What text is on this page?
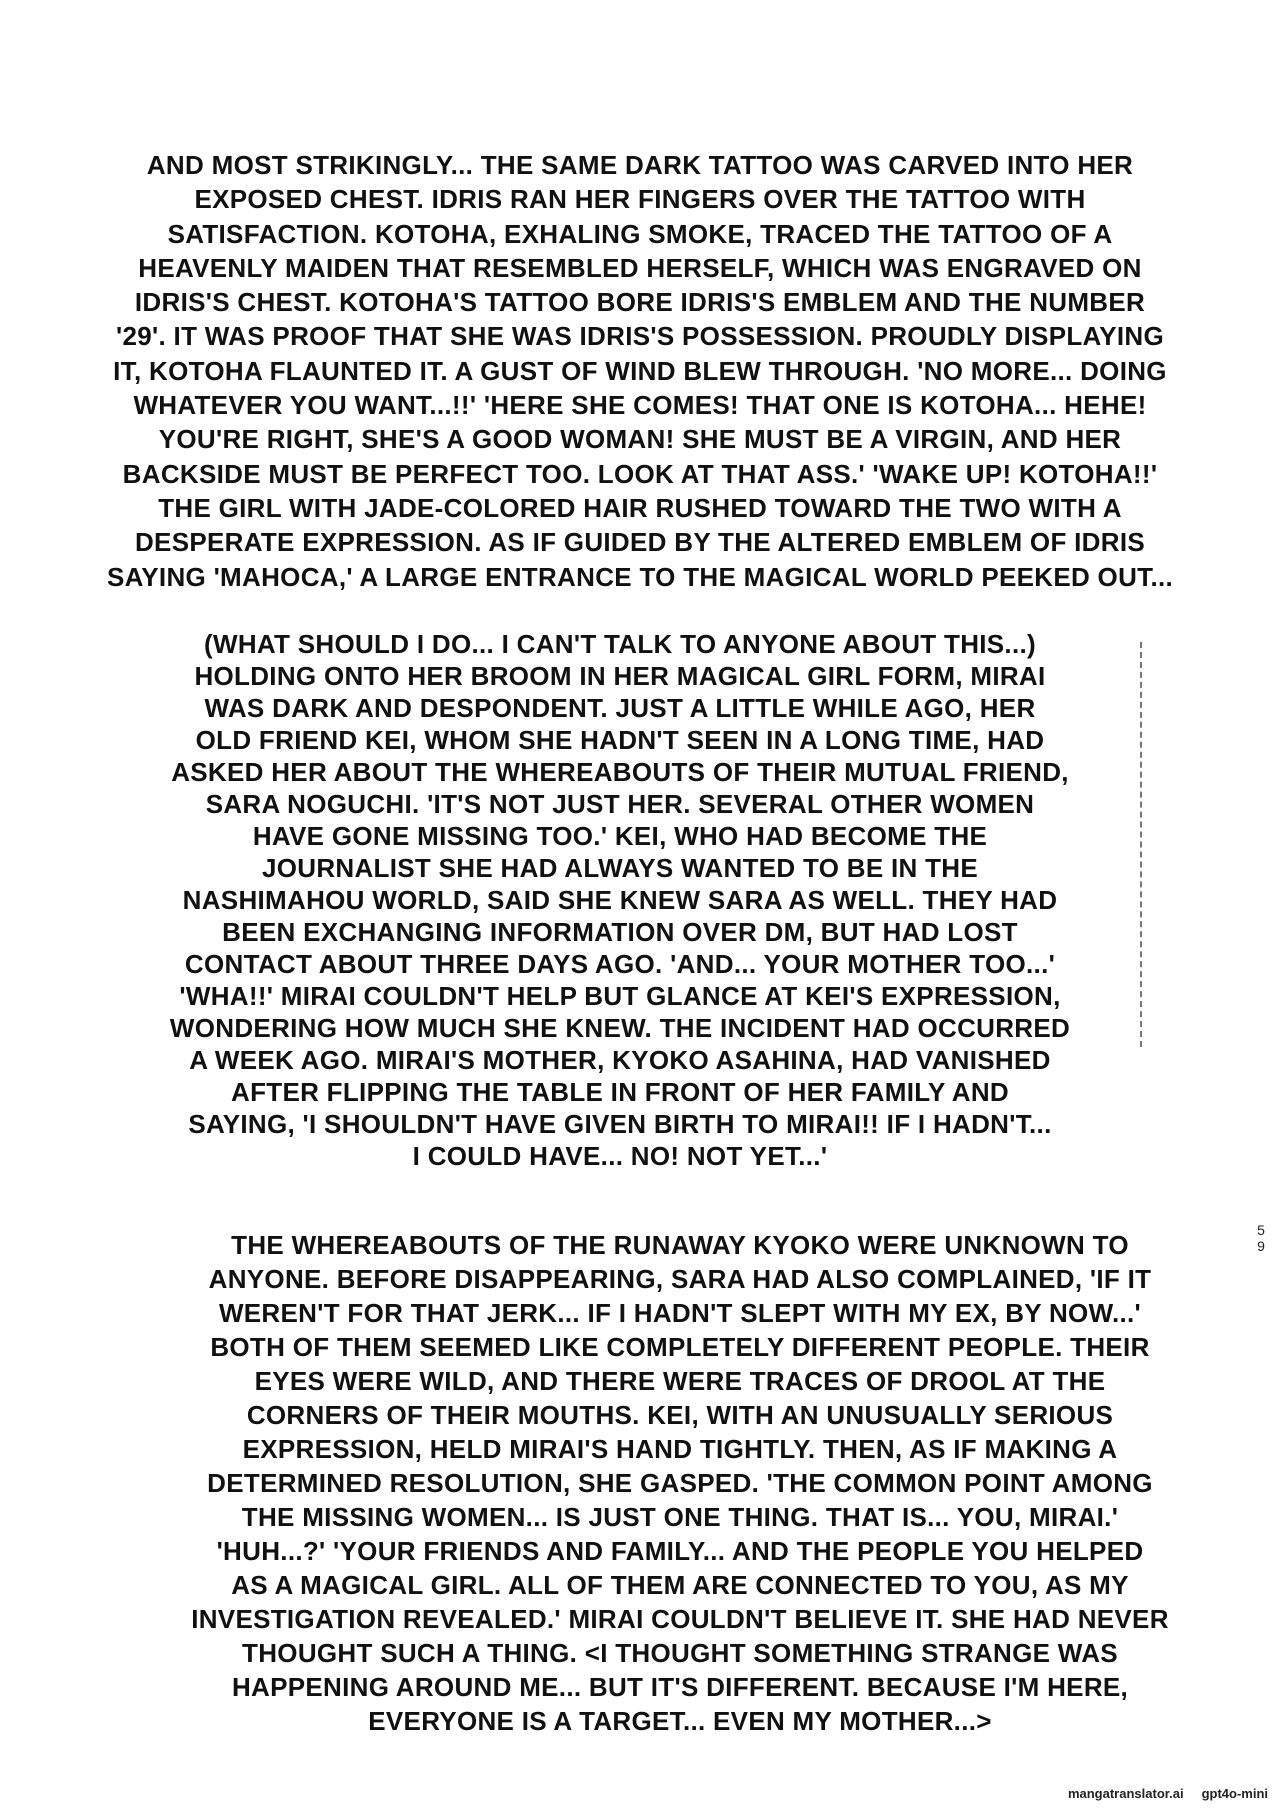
AND MOST STRIKINGLY... THE SAME DARK TATTOO WAS CARVED INTO HER
EXPOSED CHEST. IDRIS RAN HER FINGERS OVER THE TATTOO WITH
SATISFACTION. KOTOHA, EXHALING SMOKE, TRACED THE TATTOO OF A
HEAVENLY MAIDEN THAT RESEMBLED HERSELF, WHICH WAS ENGRAVED ON
IDRIS'S CHEST. KOTOHA'S TATTOO BORE IDRIS'S EMBLEM AND THE NUMBER
'29'. IT WAS PROOF THAT SHE WAS IDRIS'S POSSESSION. PROUDLY DISPLAYING
IT, KOTOHA FLAUNTED IT. A GUST OF WIND BLEW THROUGH. 'NO MORE... DOING
WHATEVER YOU WANT...!!' 'HERE SHE COMES! THAT ONE IS KOTOHA... HEHE!
YOU'RE RIGHT, SHE'S A GOOD WOMAN! SHE MUST BE A VIRGIN, AND HER
BACKSIDE MUST BE PERFECT TOO. LOOK AT THAT ASS.' 'WAKE UP! KOTOHA!!'
THE GIRL WITH JADE-COLORED HAIR RUSHED TOWARD THE TWO WITH A
DESPERATE EXPRESSION. AS IF GUIDED BY THE ALTERED EMBLEM OF IDRIS
SAYING 'MAHOCA,' A LARGE ENTRANCE TO THE MAGICAL WORLD PEEKED OUT...
(WHAT SHOULD I DO... I CAN'T TALK TO ANYONE ABOUT THIS...)
HOLDING ONTO HER BROOM IN HER MAGICAL GIRL FORM, MIRAI
WAS DARK AND DESPONDENT. JUST A LITTLE WHILE AGO, HER
OLD FRIEND KEI, WHOM SHE HADN'T SEEN IN A LONG TIME, HAD
ASKED HER ABOUT THE WHEREABOUTS OF THEIR MUTUAL FRIEND,
SARA NOGUCHI. 'IT'S NOT JUST HER. SEVERAL OTHER WOMEN
HAVE GONE MISSING TOO.' KEI, WHO HAD BECOME THE
JOURNALIST SHE HAD ALWAYS WANTED TO BE IN THE
NASHIMAHOU WORLD, SAID SHE KNEW SARA AS WELL. THEY HAD
BEEN EXCHANGING INFORMATION OVER DM, BUT HAD LOST
CONTACT ABOUT THREE DAYS AGO. 'AND... YOUR MOTHER TOO...'
'WHA!!' MIRAI COULDN'T HELP BUT GLANCE AT KEI'S EXPRESSION,
WONDERING HOW MUCH SHE KNEW. THE INCIDENT HAD OCCURRED
A WEEK AGO. MIRAI'S MOTHER, KYOKO ASAHINA, HAD VANISHED
AFTER FLIPPING THE TABLE IN FRONT OF HER FAMILY AND
SAYING, 'I SHOULDN'T HAVE GIVEN BIRTH TO MIRAI!! IF I HADN'T...
I COULD HAVE... NO! NOT YET...'
THE WHEREABOUTS OF THE RUNAWAY KYOKO WERE UNKNOWN TO
ANYONE. BEFORE DISAPPEARING, SARA HAD ALSO COMPLAINED, 'IF IT
WEREN'T FOR THAT JERK... IF I HADN'T SLEPT WITH MY EX, BY NOW...'
BOTH OF THEM SEEMED LIKE COMPLETELY DIFFERENT PEOPLE. THEIR
EYES WERE WILD, AND THERE WERE TRACES OF DROOL AT THE
CORNERS OF THEIR MOUTHS. KEI, WITH AN UNUSUALLY SERIOUS
EXPRESSION, HELD MIRAI'S HAND TIGHTLY. THEN, AS IF MAKING A
DETERMINED RESOLUTION, SHE GASPED. 'THE COMMON POINT AMONG
THE MISSING WOMEN... IS JUST ONE THING. THAT IS... YOU, MIRAI.'
'HUH...?' 'YOUR FRIENDS AND FAMILY... AND THE PEOPLE YOU HELPED
AS A MAGICAL GIRL. ALL OF THEM ARE CONNECTED TO YOU, AS MY
INVESTIGATION REVEALED.' MIRAI COULDN'T BELIEVE IT. SHE HAD NEVER
THOUGHT SUCH A THING. <I THOUGHT SOMETHING STRANGE WAS
HAPPENING AROUND ME... BUT IT'S DIFFERENT. BECAUSE I'M HERE,
EVERYONE IS A TARGET... EVEN MY MOTHER...>
5
9
mangatranslator.ai gpt4o-mini
